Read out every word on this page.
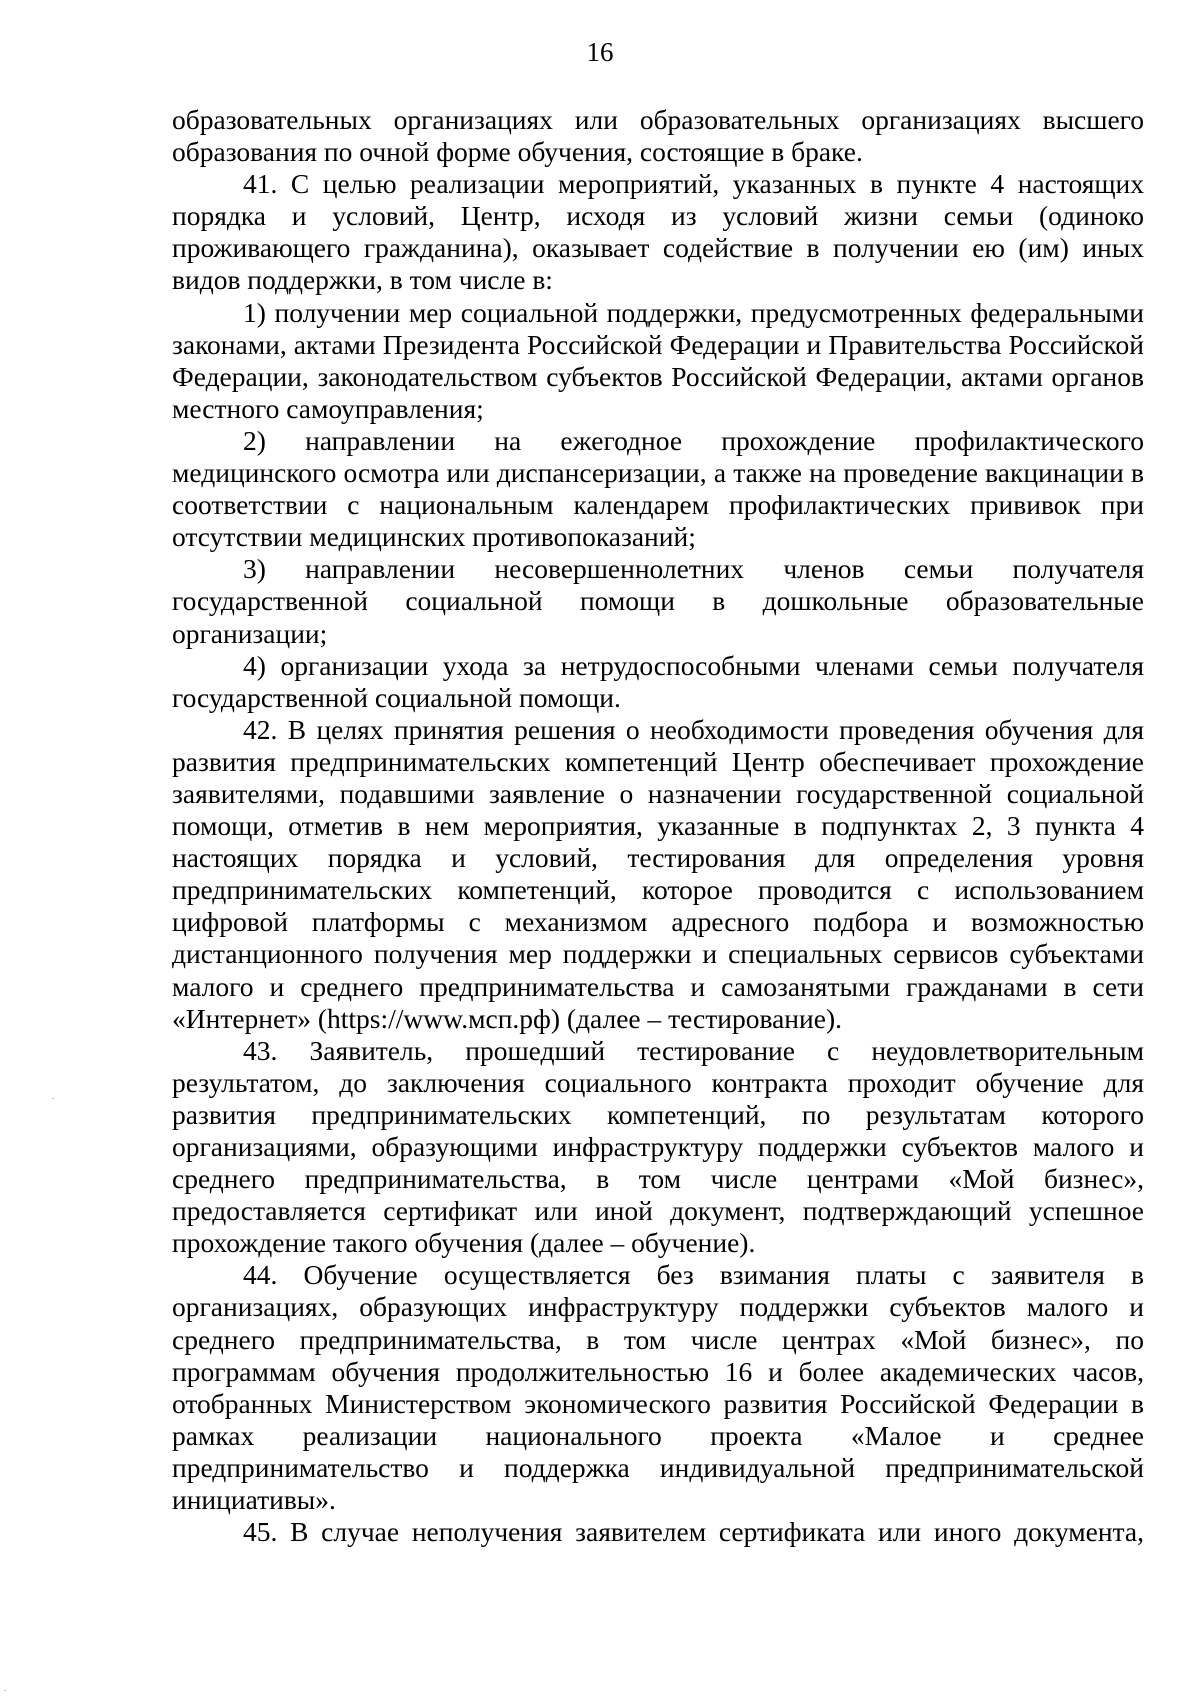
16

образовательных организациях или образовательных организациях высшего образования по очной форме обучения, состоящие в браке.

41. С целью реализации мероприятий, указанных в пункте 4 настоящих порядка и условий, Центр, исходя из условий жизни семьи (одиноко проживающего гражданина), оказывает содействие в получении ею (им) иных видов поддержки, в том числе в:

1) получении мер социальной поддержки, предусмотренных федеральными законами, актами Президента Российской Федерации и Правительства Российской Федерации, законодательством субъектов Российской Федерации, актами органов местного самоуправления;

2) направлении на ежегодное прохождение профилактического медицинского осмотра или диспансеризации, а также на проведение вакцинации в соответствии с национальным календарем профилактических прививок при отсутствии медицинских противопоказаний;

3) направлении несовершеннолетних членов семьи получателя государственной социальной помощи в дошкольные образовательные организации;

4) организации ухода за нетрудоспособными членами семьи получателя государственной социальной помощи.

42. В целях принятия решения о необходимости проведения обучения для развития предпринимательских компетенций Центр обеспечивает прохождение заявителями, подавшими заявление о назначении государственной социальной помощи, отметив в нем мероприятия, указанные в подпунктах 2, 3 пункта 4 настоящих порядка и условий, тестирования для определения уровня предпринимательских компетенций, которое проводится с использованием цифровой платформы с механизмом адресного подбора и возможностью дистанционного получения мер поддержки и специальных сервисов субъектами малого и среднего предпринимательства и самозанятыми гражданами в сети «Интернет» (https://www.мсп.рф) (далее – тестирование).

43. Заявитель, прошедший тестирование с неудовлетворительным результатом, до заключения социального контракта проходит обучение для развития предпринимательских компетенций, по результатам которого организациями, образующими инфраструктуру поддержки субъектов малого и среднего предпринимательства, в том числе центрами «Мой бизнес», предоставляется сертификат или иной документ, подтверждающий успешное прохождение такого обучения (далее – обучение).

44. Обучение осуществляется без взимания платы с заявителя в организациях, образующих инфраструктуру поддержки субъектов малого и среднего предпринимательства, в том числе центрах «Мой бизнес», по программам обучения продолжительностью 16 и более академических часов, отобранных Министерством экономического развития Российской Федерации в рамках реализации национального проекта «Малое и среднее предпринимательство и поддержка индивидуальной предпринимательской инициативы».

45. В случае неполучения заявителем сертификата или иного документа,
